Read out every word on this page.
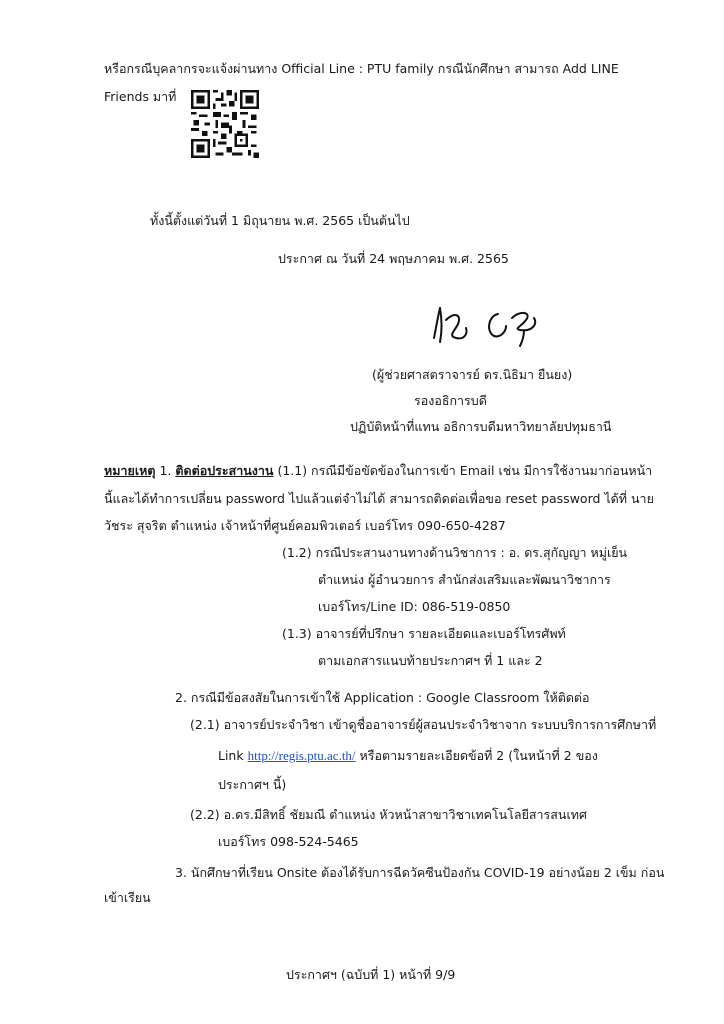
หรือกรณีบุคลากรจะแจ้งผ่านทาง Official Line : PTU family กรณีนักศึกษา สามารถ Add LINE
Friends มาที่
ทั้งนี้ตั้งแต่วันที่ 1 มิถุนายน พ.ศ. 2565 เป็นต้นไป
ประกาศ ณ วันที่ 24 พฤษภาคม พ.ศ. 2565
(ผู้ช่วยศาสตราจารย์ ดร.นิธิมา ยืนยง)
รองอธิการบดี
ปฏิบัติหน้าที่แทน อธิการบดีมหาวิทยาลัยปทุมธานี
หมายเหตุ 1. ติดต่อประสานงาน (1.1) กรณีมีข้อขัดข้องในการเข้า Email เช่น มีการใช้งานมาก่อนหน้า
นี้และได้ทำการเปลี่ยน password ไปแล้วแต่จำไม่ได้ สามารถติดต่อเพื่อขอ reset password ได้ที่ นาย
วัชระ สุจริต ตำแหน่ง เจ้าหน้าที่ศูนย์คอมพิวเตอร์ เบอร์โทร 090-650-4287
(1.2) กรณีประสานงานทางด้านวิชาการ : อ. ดร.สุกัญญา หมู่เย็น
ตำแหน่ง ผู้อำนวยการ สำนักส่งเสริมและพัฒนาวิชาการ
เบอร์โทร/Line ID: 086-519-0850
(1.3) อาจารย์ที่ปรึกษา รายละเอียดและเบอร์โทรศัพท์
ตามเอกสารแนบท้ายประกาศฯ ที่ 1 และ 2
2. กรณีมีข้อสงสัยในการเข้าใช้ Application : Google Classroom ให้ติดต่อ
(2.1) อาจารย์ประจำวิชา เข้าดูชื่ออาจารย์ผู้สอนประจำวิชาจาก ระบบบริการการศึกษาที่
Link http://regis.ptu.ac.th/ หรือตามรายละเอียดข้อที่ 2 (ในหน้าที่ 2 ของ
ประกาศฯ นี้)
(2.2) อ.ดร.มีสิทธิ์ ชัยมณี ตำแหน่ง หัวหน้าสาขาวิชาเทคโนโลยีสารสนเทศ
เบอร์โทร 098-524-5465
3. นักศึกษาที่เรียน Onsite ต้องได้รับการฉีดวัคซีนป้องกัน COVID-19 อย่างน้อย 2 เข็ม ก่อน
เข้าเรียน
ประกาศฯ (ฉบับที่ 1) หน้าที่ 9/9
